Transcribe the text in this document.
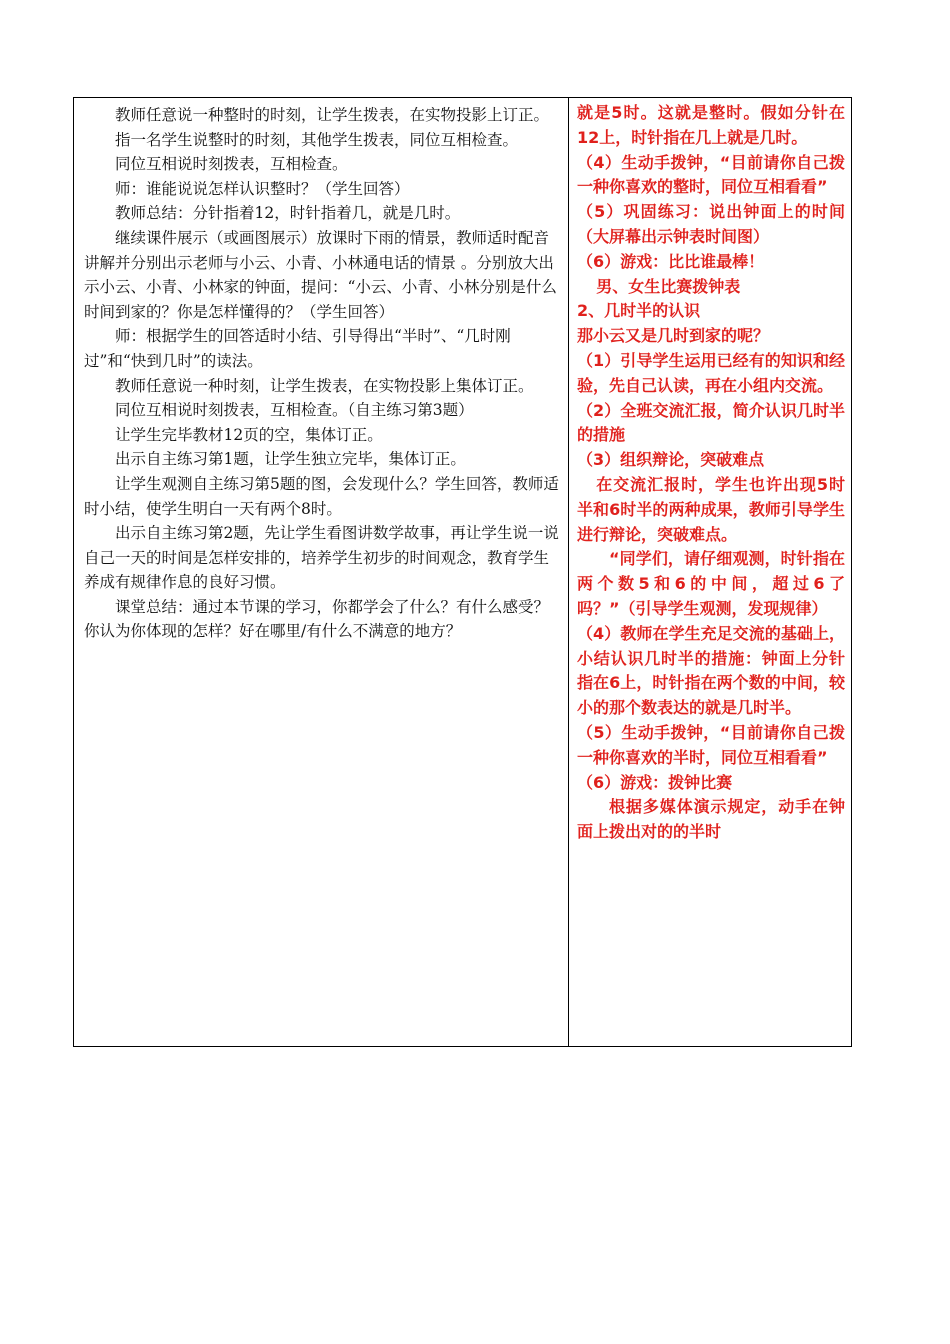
教师任意说一种整时的时刻，让学生拨表，在实物投影上订正。

指一名学生说整时的时刻，其他学生拨表，同位互相检查。

同位互相说时刻拨表，互相检查。

师：谁能说说怎样认识整时？（学生回答）

教师总结：分针指着12，时针指着几，就是几时。

继续课件展示（或画图展示）放课时下雨的情景，教师适时配音讲解并分别出示老师与小云、小青、小林通电话的情景 。分别放大出示小云、小青、小林家的钟面，提问：“小云、小青、小林分别是什么时间到家的？你是怎样懂得的？（学生回答）

师：根据学生的回答适时小结、引导得出“半时”、“几时刚过”和“快到几时”的读法。

教师任意说一种时刻，让学生拨表，在实物投影上集体订正。

同位互相说时刻拨表，互相检查。（自主练习第3题）

让学生完毕教材12页的空，集体订正。

出示自主练习第1题，让学生独立完毕，集体订正。

让学生观测自主练习第5题的图，会发现什么？学生回答，教师适时小结，使学生明白一天有两个8时。

出示自主练习第2题，先让学生看图讲数学故事，再让学生说一说自己一天的时间是怎样安排的，培养学生初步的时间观念，教育学生养成有规律作息的良好习惯。

课堂总结：通过本节课的学习，你都学会了什么？有什么感受？你认为你体现的怎样？好在哪里/有什么不满意的地方？

就是5时。这就是整时。假如分针在12上，时针指在几上就是几时。

（4）生动手拨钟，“目前请你自己拨一种你喜欢的整时，同位互相看看”

（5）巩固练习：说出钟面上的时间（大屏幕出示钟表时间图）

（6）游戏：比比谁最棒！

男、女生比赛拨钟表

2、几时半的认识

那小云又是几时到家的呢？

（1）引导学生运用已经有的知识和经验，先自己认读，再在小组内交流。

（2）全班交流汇报，简介认识几时半的措施

（3）组织辩论，突破难点

在交流汇报时，学生也许出现5时半和6时半的两种成果，教师引导学生进行辩论，突破难点。

“同学们，请仔细观测，时针指在两个数5和6的中间，超过6了吗？”（引导学生观测，发现规律）

（4）教师在学生充足交流的基础上，小结认识几时半的措施：钟面上分针指在6上，时针指在两个数的中间，较小的那个数表达的就是几时半。

（5）生动手拨钟，“目前请你自己拨一种你喜欢的半时，同位互相看看”

（6）游戏：拨钟比赛

根据多媒体演示规定，动手在钟面上拨出对的的半时
